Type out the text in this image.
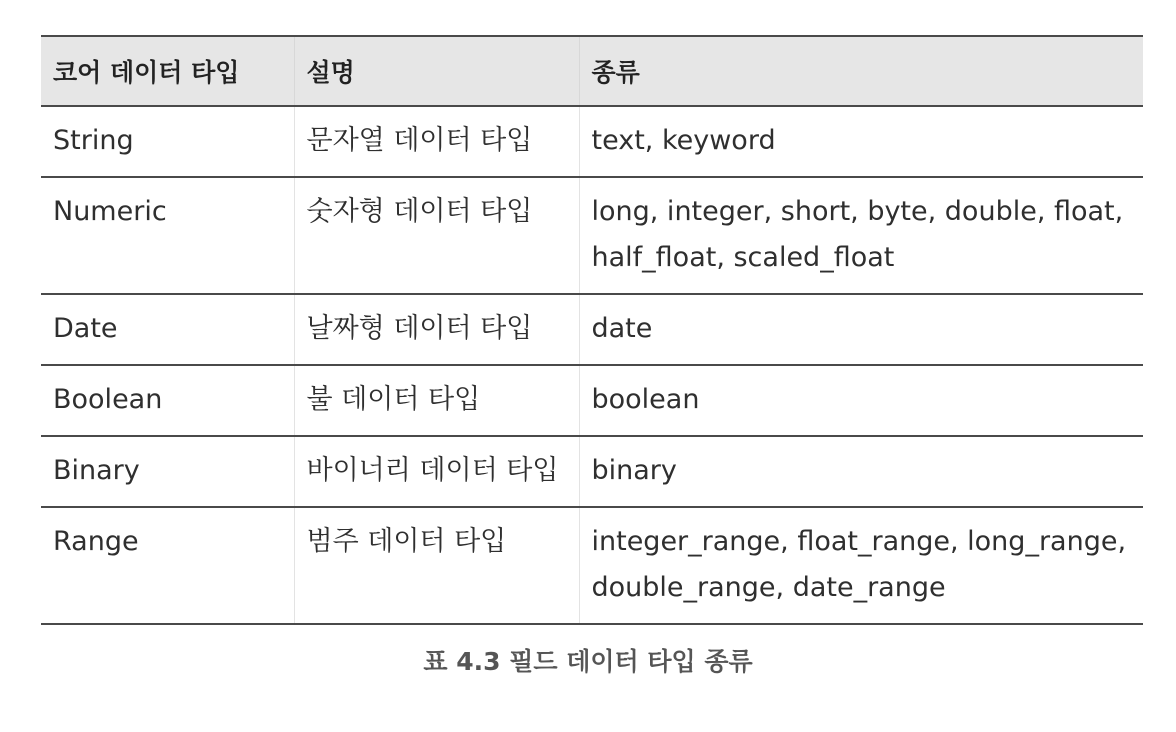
코어 데이터 타입	설명	종류
String	문자열 데이터 타입	text, keyword

Numeric	숫자형 데이터 타입	long, integer, short, byte, double, float,
half_float, scaled_float

Date	날짜형 데이터 타입	date

Boolean	불 데이터 타입	boolean

Binary	바이너리 데이터 타입	binary

Range	범주 데이터 타입	integer_range, float_range, long_range,
double_range, date_range
표 4.3 필드 데이터 타입 종류
